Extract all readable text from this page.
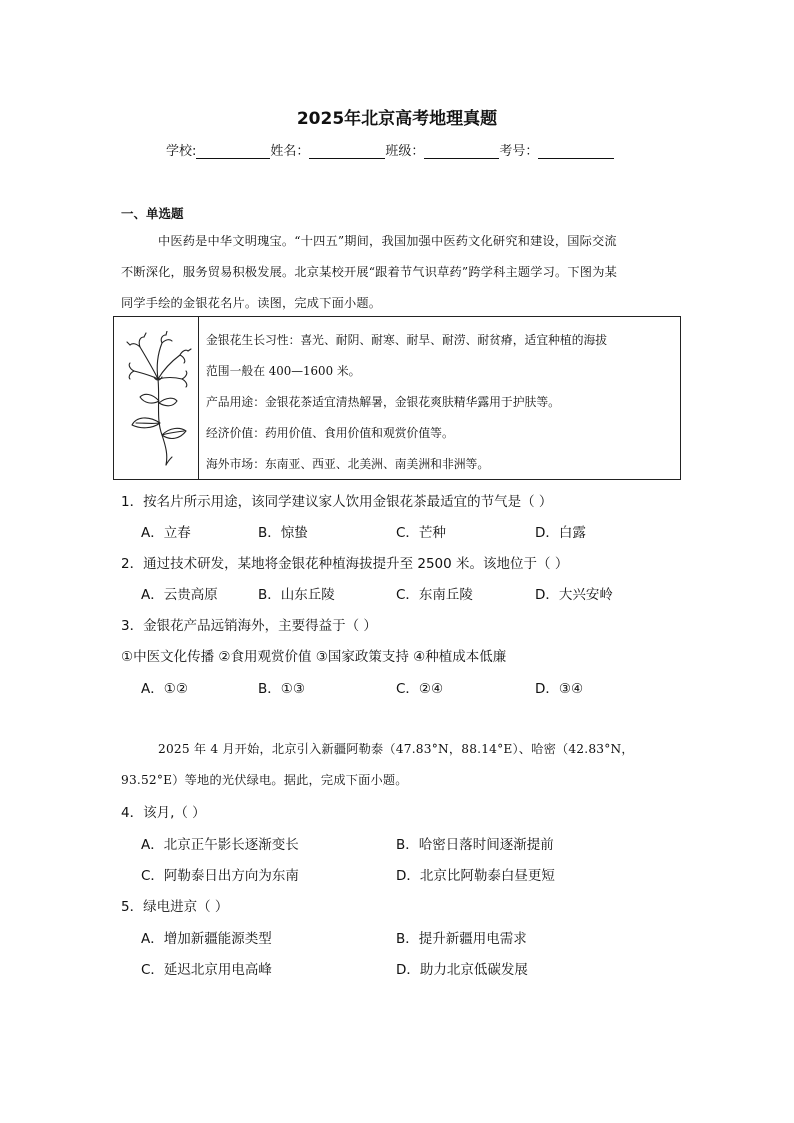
2025年北京高考地理真题
学校:	姓名：	班级：	考号：
一、单选题
中医药是中华文明瑰宝。“十四五”期间，我国加强中医药文化研究和建设，国际交流
不断深化，服务贸易积极发展。北京某校开展“跟着节气识草药”跨学科主题学习。下图为某
同学手绘的金银花名片。读图，完成下面小题。
金银花生长习性：喜光、耐阴、耐寒、耐旱、耐涝、耐贫瘠，适宜种植的海拔
范围一般在 400—1600 米。
产品用途：金银花茶适宜清热解暑，金银花爽肤精华露用于护肤等。
经济价值：药用价值、食用价值和观赏价值等。
海外市场：东南亚、西亚、北美洲、南美洲和非洲等。
1．按名片所示用途，该同学建议家人饮用金银花茶最适宜的节气是（ ）
A．立春	B．惊蛰	C．芒种	D．白露
2．通过技术研发，某地将金银花种植海拔提升至 2500 米。该地位于（ ）
A．云贵高原	B．山东丘陵	C．东南丘陵	D．大兴安岭
3．金银花产品远销海外，主要得益于（ ）
①中医文化传播 ②食用观赏价值 ③国家政策支持 ④种植成本低廉
A．①②	B．①③	C．②④	D．③④
2025 年 4 月开始，北京引入新疆阿勒泰（47.83°N，88.14°E）、哈密（42.83°N，
93.52°E）等地的光伏绿电。据此，完成下面小题。
4．该月,（ ）
A．北京正午影长逐渐变长	B．哈密日落时间逐渐提前
C．阿勒泰日出方向为东南	D．北京比阿勒泰白昼更短
5．绿电进京（ ）
A．增加新疆能源类型	B．提升新疆用电需求
C．延迟北京用电高峰	D．助力北京低碳发展
